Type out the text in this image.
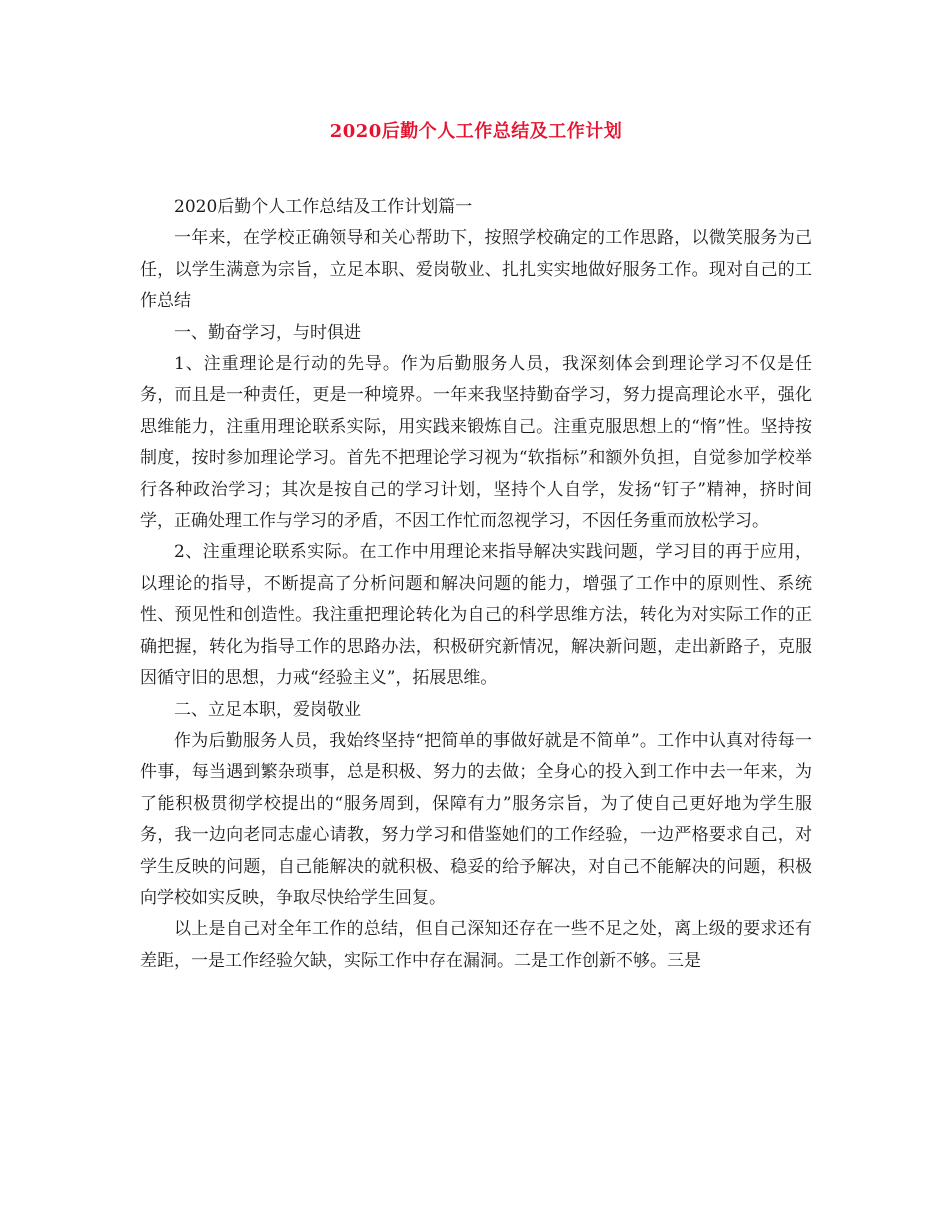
2020后勤个人工作总结及工作计划

2020后勤个人工作总结及工作计划篇一

一年来，在学校正确领导和关心帮助下，按照学校确定的工作思路，以微笑服务为己任，以学生满意为宗旨，立足本职、爱岗敬业、扎扎实实地做好服务工作。现对自己的工作总结

一、勤奋学习，与时俱进

1、注重理论是行动的先导。作为后勤服务人员，我深刻体会到理论学习不仅是任务，而且是一种责任，更是一种境界。一年来我坚持勤奋学习，努力提高理论水平，强化思维能力，注重用理论联系实际，用实践来锻炼自己。注重克服思想上的“惰”性。坚持按制度，按时参加理论学习。首先不把理论学习视为“软指标”和额外负担，自觉参加学校举行各种政治学习；其次是按自己的学习计划，坚持个人自学，发扬“钉子”精神，挤时间学，正确处理工作与学习的矛盾，不因工作忙而忽视学习，不因任务重而放松学习。

2、注重理论联系实际。在工作中用理论来指导解决实践问题，学习目的再于应用，以理论的指导，不断提高了分析问题和解决问题的能力，增强了工作中的原则性、系统性、预见性和创造性。我注重把理论转化为自己的科学思维方法，转化为对实际工作的正确把握，转化为指导工作的思路办法，积极研究新情况，解决新问题，走出新路子，克服因循守旧的思想，力戒“经验主义”，拓展思维。

二、立足本职，爱岗敬业

作为后勤服务人员，我始终坚持“把简单的事做好就是不简单”。工作中认真对待每一件事，每当遇到繁杂琐事，总是积极、努力的去做；全身心的投入到工作中去一年来，为了能积极贯彻学校提出的“服务周到，保障有力”服务宗旨，为了使自己更好地为学生服务，我一边向老同志虚心请教，努力学习和借鉴她们的工作经验，一边严格要求自己，对学生反映的问题，自己能解决的就积极、稳妥的给予解决，对自己不能解决的问题，积极向学校如实反映，争取尽快给学生回复。

以上是自己对全年工作的总结，但自己深知还存在一些不足之处，离上级的要求还有差距，一是工作经验欠缺，实际工作中存在漏洞。二是工作创新不够。三是
